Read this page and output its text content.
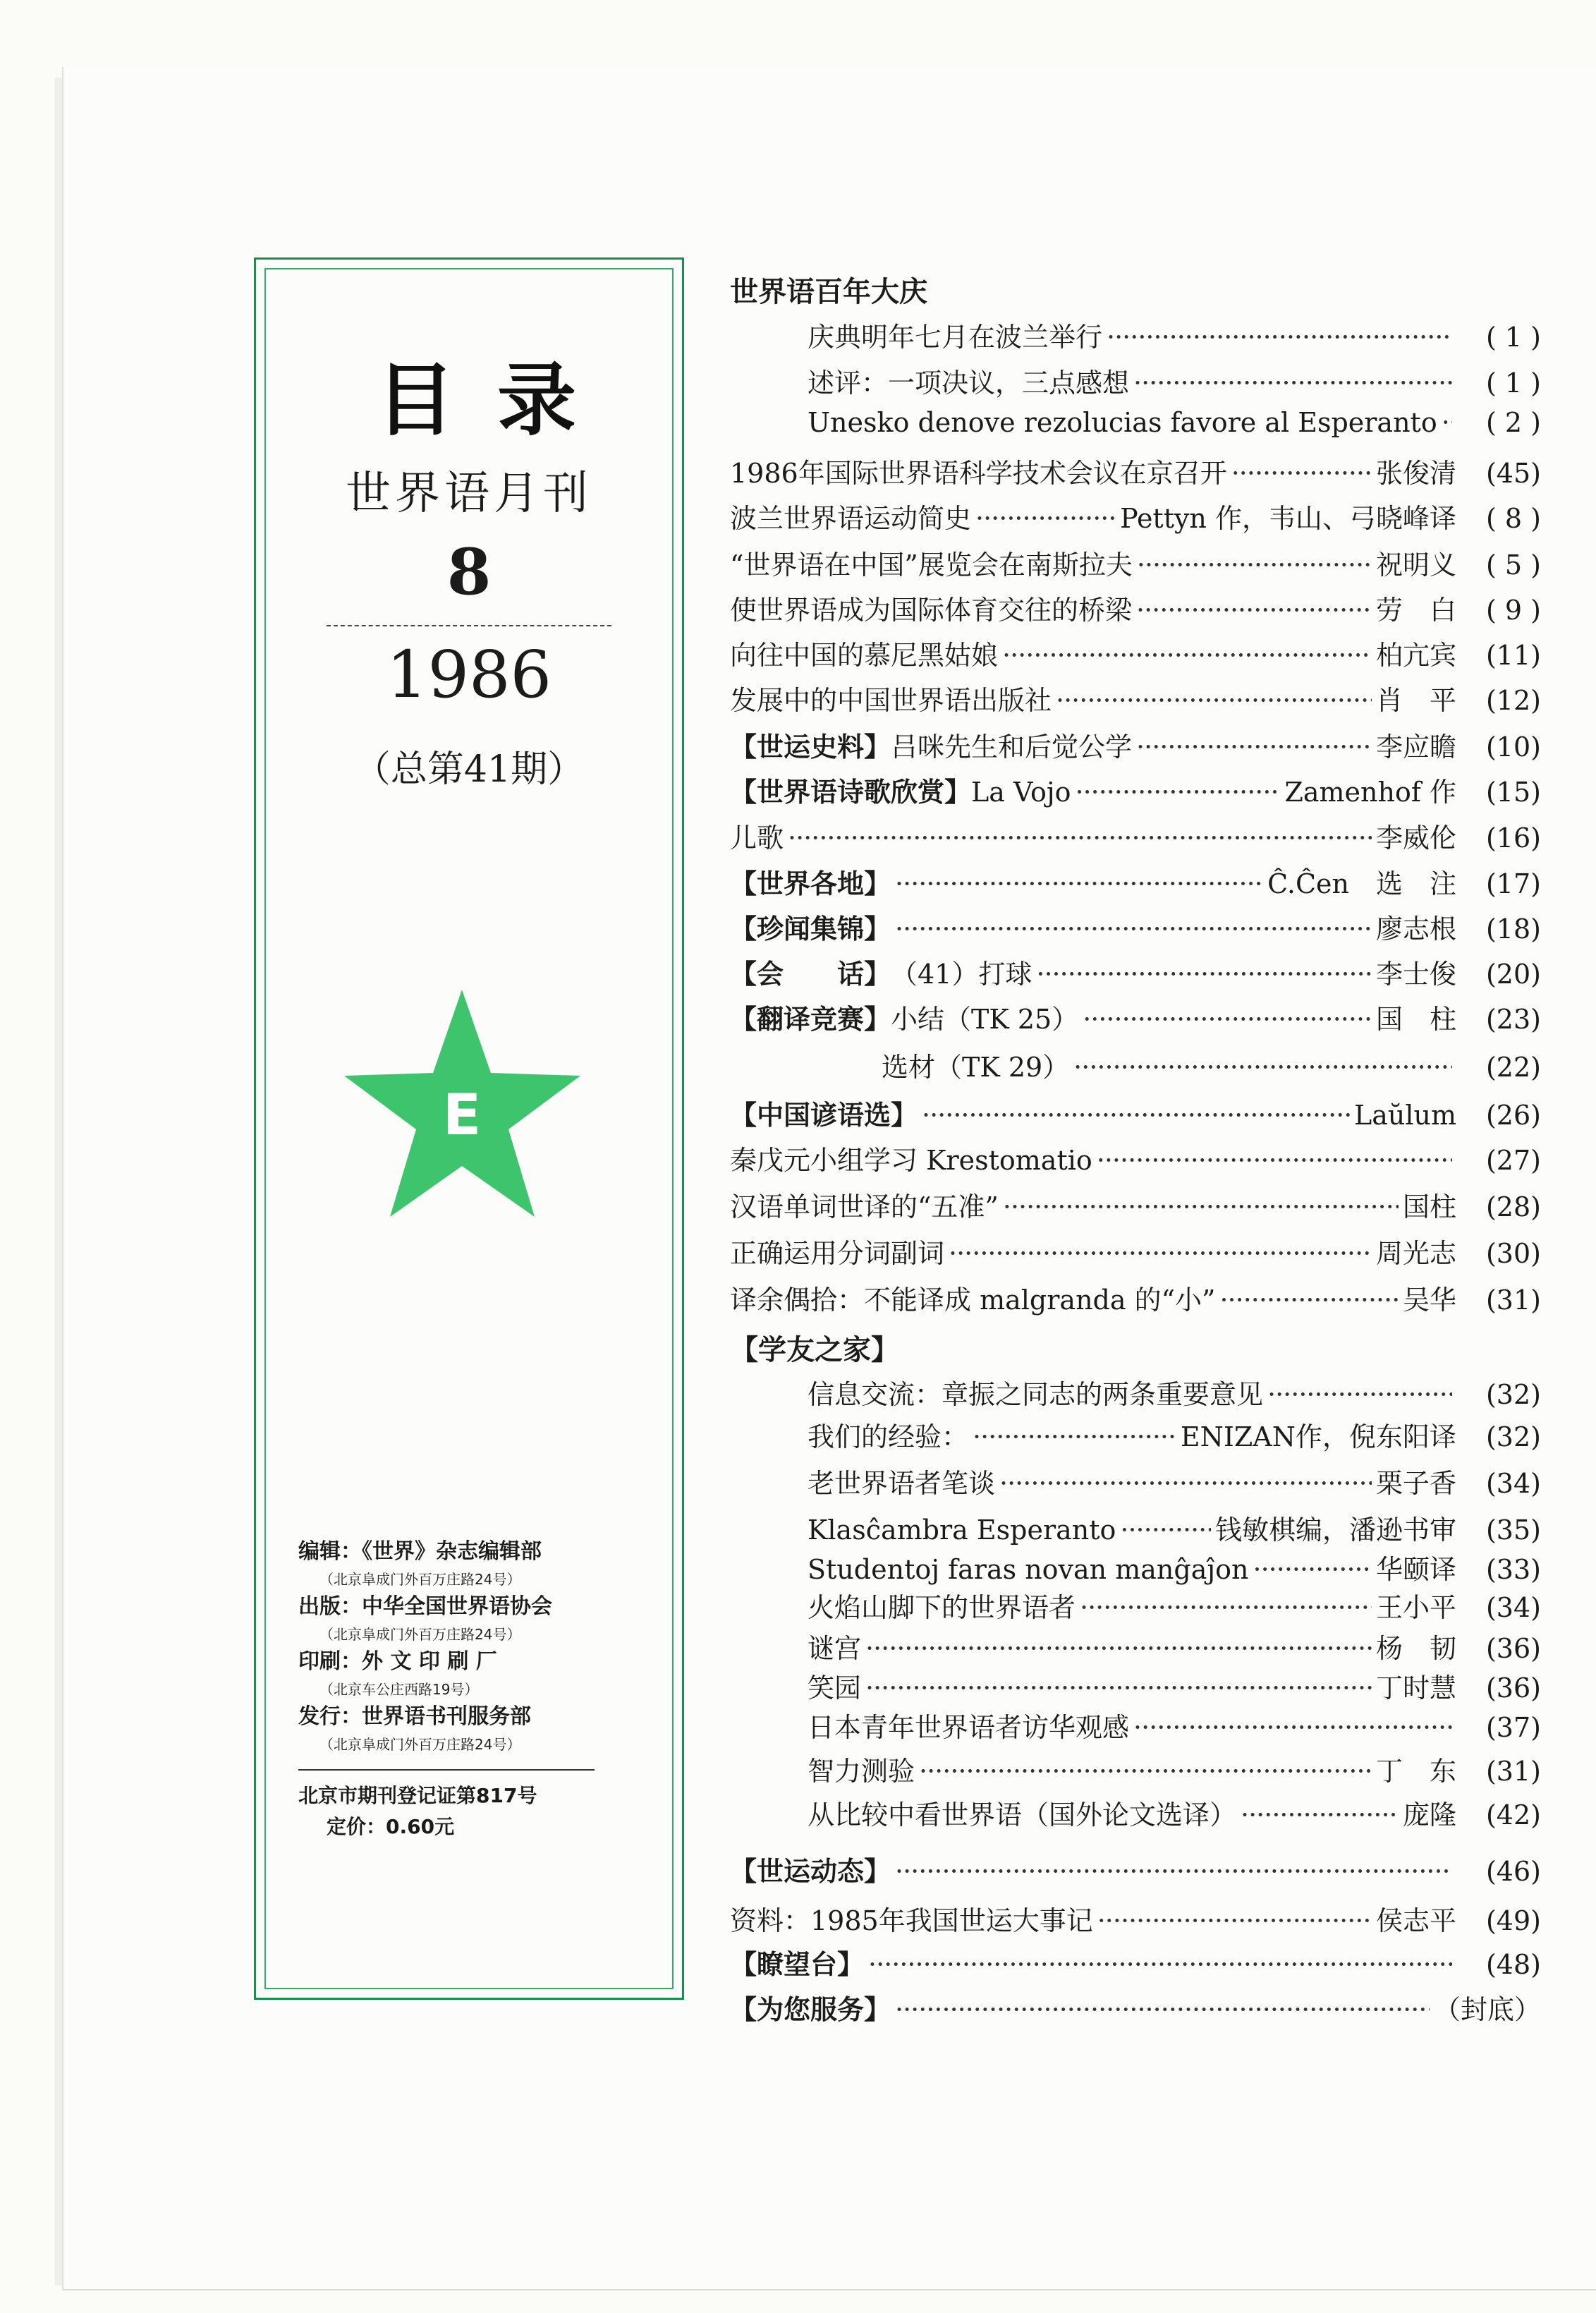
目录
世界语月刊
8
1986
（总第41期）
E
编辑：《世界》杂志编辑部
（北京阜成门外百万庄路24号）
出版：中华全国世界语协会
（北京阜成门外百万庄路24号）
印刷：外 文 印 刷 厂
（北京车公庄西路19号）
发行：世界语书刊服务部
（北京阜成门外百万庄路24号）
北京市期刊登记证第817号
定价：0.60元
世界语百年大庆
庆典明年七月在波兰举行 ·····	( 1 )
述评：一项决议，三点感想 ·····	( 1 )
Unesko denove rezolucias favore al Esperanto ·····	( 2 )
1986年国际世界语科学技术会议在京召开 ·····	张俊清	(45)
波兰世界语运动简史 ·····	Pettyn 作，韦山、弓晓峰译	( 8 )
“世界语在中国”展览会在南斯拉夫 ·····	祝明义	( 5 )
使世界语成为国际体育交往的桥梁 ·····	劳　白	( 9 )
向往中国的慕尼黑姑娘 ·····	柏亢宾	(11)
发展中的中国世界语出版社 ·····	肖　平	(12)
【世运史料】 吕咪先生和后觉公学 ·····	李应瞻	(10)
【世界语诗歌欣赏】 La Vojo ·····	Zamenhof 作	(15)
儿歌 ·····	李威伦	(16)
【世界各地】 ·····	Ĉ.Ĉen　选　注	(17)
【珍闻集锦】 ·····	廖志根	(18)
【会　　话】 （41）打球 ·····	李士俊	(20)
【翻译竞赛】 小结（TK 25） ·····	国　柱	(23)
选材（TK 29） ·····	(22)
【中国谚语选】 ·····	Laŭlum	(26)
秦戊元小组学习 Krestomatio ·····	(27)
汉语单词世译的“五准” ·····	国柱	(28)
正确运用分词副词 ·····	周光志	(30)
译余偶拾：不能译成 malgranda 的“小” ·····	吴华	(31)
【学友之家】
信息交流：章振之同志的两条重要意见 ·····	(32)
我们的经验： ·····	ENIZAN作，倪东阳译	(32)
老世界语者笔谈 ·····	栗子香	(34)
Klasĉambra Esperanto ·····	钱敏棋编，潘逊书审	(35)
Studentoj faras novan manĝaĵon ·····	华颐译	(33)
火焰山脚下的世界语者 ·····	王小平	(34)
谜宫 ·····	杨　韧	(36)
笑园 ·····	丁时慧	(36)
日本青年世界语者访华观感 ·····	(37)
智力测验 ·····	丁　东	(31)
从比较中看世界语（国外论文选译） ·····	庞隆	(42)
【世运动态】 ·····	(46)
资料：1985年我国世运大事记 ·····	侯志平	(49)
【瞭望台】 ·····	(48)
【为您服务】 ·····	（封底）
